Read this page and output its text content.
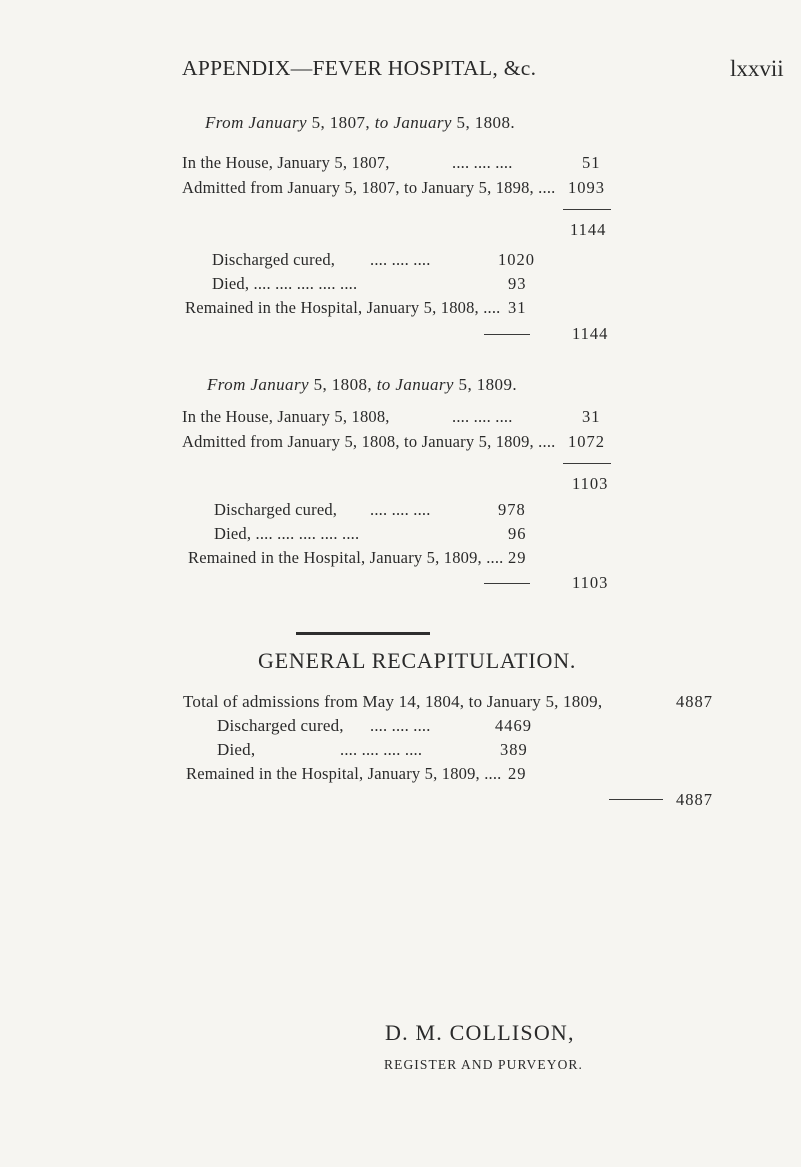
APPENDIX—FEVER HOSPITAL, &c.	lxxvii
From January 5, 1807, to January 5, 1808.
In the House, January 5, 1807,	.... .... ....	51
Admitted from January 5, 1807, to January 5, 1898, .... 1093
1144
Discharged cured, .... .... ....	1020
Died, .... .... .... .... ....	93
Remained in the Hospital, January 5, 1808, .... 31
1144
From January 5, 1808, to January 5, 1809.
In the House, January 5, 1808,	.... .... ....	31
Admitted from January 5, 1808, to January 5, 1809, .... 1072
1103
Discharged cured, .... .... ....	978
Died, .... .... .... .... ....	96
Remained in the Hospital, January 5, 1809, .... 29
1103
GENERAL RECAPITULATION.
Total of admissions from May 14, 1804, to January 5, 1809,	4887
Discharged cured, .... .... ....	4469
Died,	.... .... .... ....	389
Remained in the Hospital, January 5, 1809, .... 29
4887
D. M. COLLISON,
REGISTER AND PURVEYOR.
